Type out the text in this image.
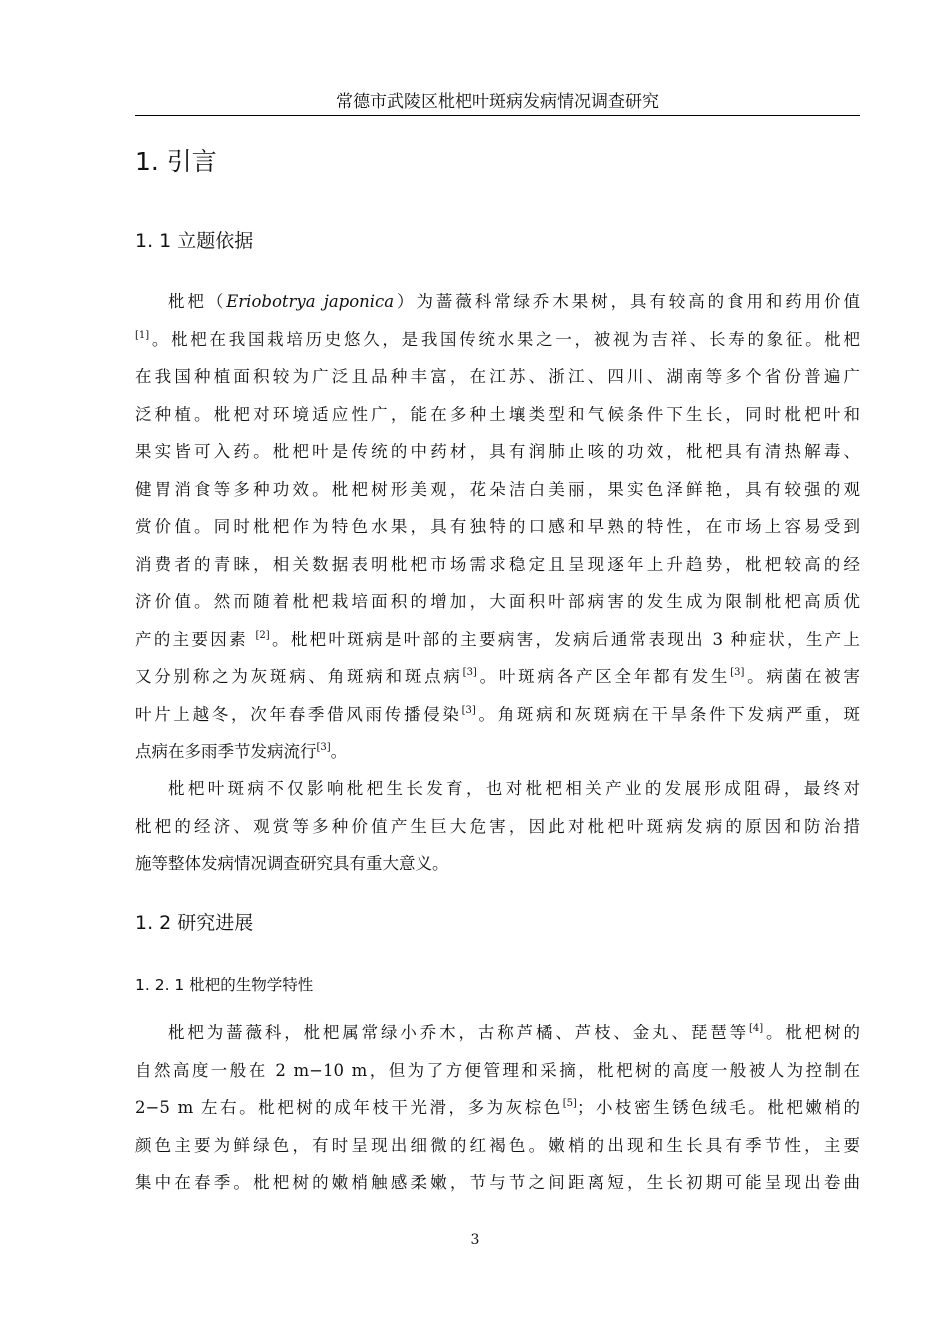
常德市武陵区枇杷叶斑病发病情况调查研究
1. 引言
1. 1 立题依据
枇杷（Eriobotrya japonica）为蔷薇科常绿乔木果树，具有较高的食用和药用价值
[1]。枇杷在我国栽培历史悠久，是我国传统水果之一，被视为吉祥、长寿的象征。枇杷
在我国种植面积较为广泛且品种丰富，在江苏、浙江、四川、湖南等多个省份普遍广
泛种植。枇杷对环境适应性广，能在多种土壤类型和气候条件下生长，同时枇杷叶和
果实皆可入药。枇杷叶是传统的中药材，具有润肺止咳的功效，枇杷具有清热解毒、
健胃消食等多种功效。枇杷树形美观，花朵洁白美丽，果实色泽鲜艳，具有较强的观
赏价值。同时枇杷作为特色水果，具有独特的口感和早熟的特性，在市场上容易受到
消费者的青睐，相关数据表明枇杷市场需求稳定且呈现逐年上升趋势，枇杷较高的经
济价值。然而随着枇杷栽培面积的增加，大面积叶部病害的发生成为限制枇杷高质优
产的主要因素 [2]。枇杷叶斑病是叶部的主要病害，发病后通常表现出 3 种症状，生产上
又分别称之为灰斑病、角斑病和斑点病[3]。叶斑病各产区全年都有发生[3]。病菌在被害
叶片上越冬，次年春季借风雨传播侵染[3]。角斑病和灰斑病在干旱条件下发病严重，斑
点病在多雨季节发病流行[3]。
枇杷叶斑病不仅影响枇杷生长发育，也对枇杷相关产业的发展形成阻碍，最终对
枇杷的经济、观赏等多种价值产生巨大危害，因此对枇杷叶斑病发病的原因和防治措
施等整体发病情况调查研究具有重大意义。
1. 2 研究进展
1. 2. 1 枇杷的生物学特性
枇杷为蔷薇科，枇杷属常绿小乔木，古称芦橘、芦枝、金丸、琵琶等[4]。枇杷树的
自然高度一般在 2 m−10 m，但为了方便管理和采摘，枇杷树的高度一般被人为控制在
2−5 m 左右。枇杷树的成年枝干光滑，多为灰棕色[5]；小枝密生锈色绒毛。枇杷嫩梢的
颜色主要为鲜绿色，有时呈现出细微的红褐色。嫩梢的出现和生长具有季节性，主要
集中在春季。枇杷树的嫩梢触感柔嫩，节与节之间距离短，生长初期可能呈现出卷曲
3
